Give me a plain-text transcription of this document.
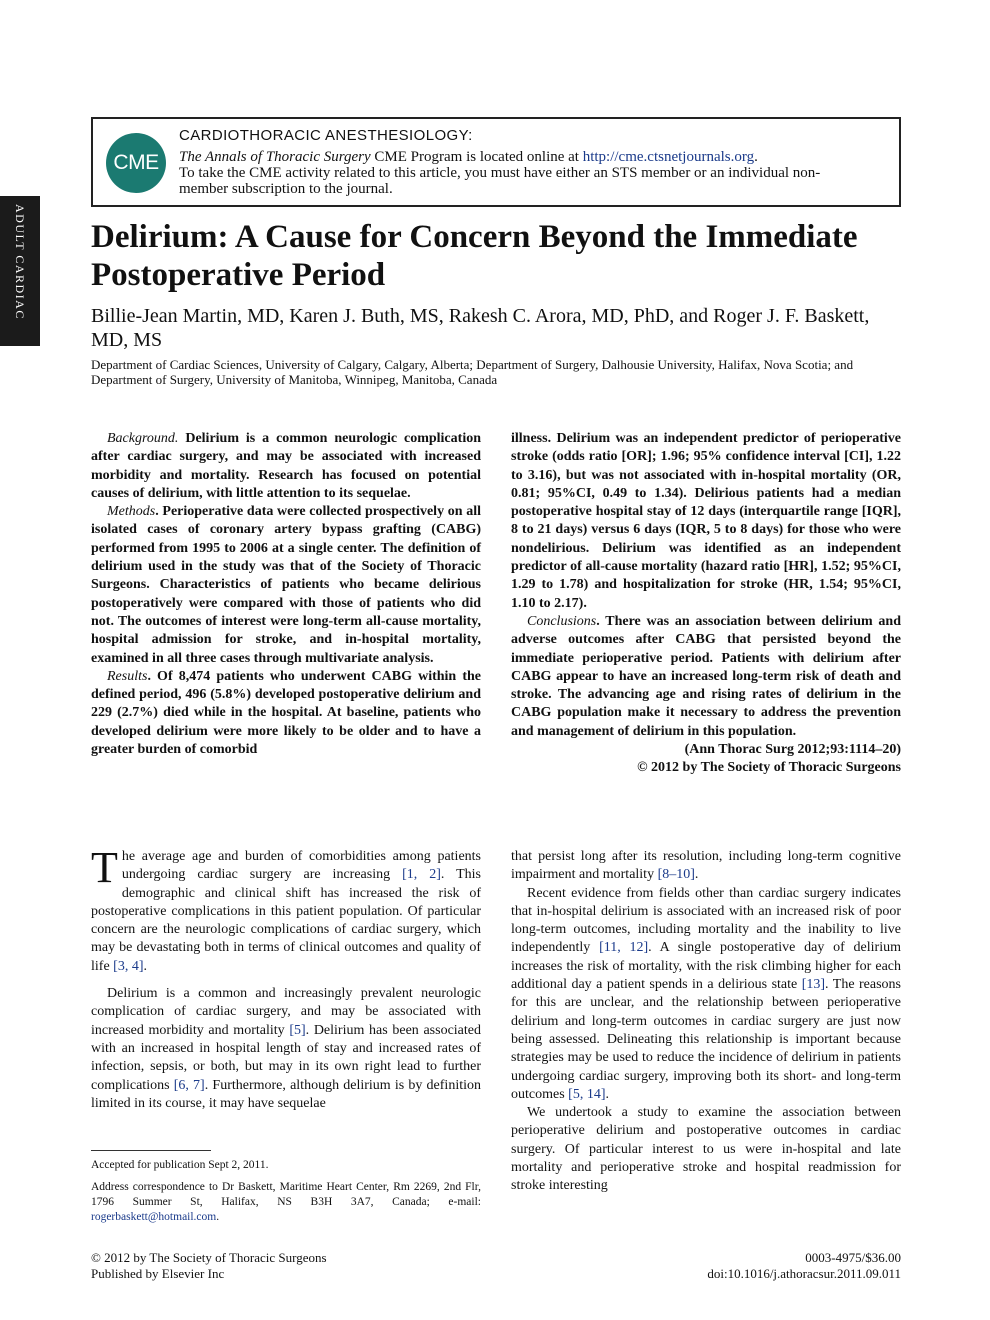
ADULT CARDIAC
CME
CARDIOTHORACIC ANESTHESIOLOGY:
The Annals of Thoracic Surgery CME Program is located online at http://cme.ctsnetjournals.org.
To take the CME activity related to this article, you must have either an STS member or an individual non-member subscription to the journal.
Delirium: A Cause for Concern Beyond the Immediate Postoperative Period
Billie-Jean Martin, MD, Karen J. Buth, MS, Rakesh C. Arora, MD, PhD, and Roger J. F. Baskett, MD, MS
Department of Cardiac Sciences, University of Calgary, Calgary, Alberta; Department of Surgery, Dalhousie University, Halifax, Nova Scotia; and Department of Surgery, University of Manitoba, Winnipeg, Manitoba, Canada

Background. Delirium is a common neurologic complication after cardiac surgery, and may be associated with increased morbidity and mortality. Research has focused on potential causes of delirium, with little attention to its sequelae.

Methods. Perioperative data were collected prospectively on all isolated cases of coronary artery bypass grafting (CABG) performed from 1995 to 2006 at a single center. The definition of delirium used in the study was that of the Society of Thoracic Surgeons. Characteristics of patients who became delirious postoperatively were compared with those of patients who did not. The outcomes of interest were long-term all-cause mortality, hospital admission for stroke, and in-hospital mortality, examined in all three cases through multivariate analysis.

Results. Of 8,474 patients who underwent CABG within the defined period, 496 (5.8%) developed postoperative delirium and 229 (2.7%) died while in the hospital. At baseline, patients who developed delirium were more likely to be older and to have a greater burden of comorbid

illness. Delirium was an independent predictor of perioperative stroke (odds ratio [OR]; 1.96; 95% confidence interval [CI], 1.22 to 3.16), but was not associated with in-hospital mortality (OR, 0.81; 95%CI, 0.49 to 1.34). Delirious patients had a median postoperative hospital stay of 12 days (interquartile range [IQR], 8 to 21 days) versus 6 days (IQR, 5 to 8 days) for those who were nondelirious. Delirium was identified as an independent predictor of all-cause mortality (hazard ratio [HR], 1.52; 95%CI, 1.29 to 1.78) and hospitalization for stroke (HR, 1.54; 95%CI, 1.10 to 2.17).

Conclusions. There was an association between delirium and adverse outcomes after CABG that persisted beyond the immediate perioperative period. Patients with delirium after CABG appear to have an increased long-term risk of death and stroke. The advancing age and rising rates of delirium in the CABG population make it necessary to address the prevention and management of delirium in this population.

(Ann Thorac Surg 2012;93:1114–20)

© 2012 by The Society of Thoracic Surgeons

The average age and burden of comorbidities among patients undergoing cardiac surgery are increasing [1, 2]. This demographic and clinical shift has increased the risk of postoperative complications in this patient population. Of particular concern are the neurologic complications of cardiac surgery, which may be devastating both in terms of clinical outcomes and quality of life [3, 4].

Delirium is a common and increasingly prevalent neurologic complication of cardiac surgery, and may be associated with increased morbidity and mortality [5]. Delirium has been associated with an increased in hospital length of stay and increased rates of infection, sepsis, or both, but may in its own right lead to further complications [6, 7]. Furthermore, although delirium is by definition limited in its course, it may have sequelae

that persist long after its resolution, including long-term cognitive impairment and mortality [8–10].

Recent evidence from fields other than cardiac surgery indicates that in-hospital delirium is associated with an increased risk of poor long-term outcomes, including mortality and the inability to live independently [11, 12]. A single postoperative day of delirium increases the risk of mortality, with the risk climbing higher for each additional day a patient spends in a delirious state [13]. The reasons for this are unclear, and the relationship between perioperative delirium and long-term outcomes in cardiac surgery are just now being assessed. Delineating this relationship is important because strategies may be used to reduce the incidence of delirium in patients undergoing cardiac surgery, improving both its short- and long-term outcomes [5, 14].

We undertook a study to examine the association between perioperative delirium and postoperative outcomes in cardiac surgery. Of particular interest to us were in-hospital and late mortality and perioperative stroke and hospital readmission for stroke interesting

Accepted for publication Sept 2, 2011.

Address correspondence to Dr Baskett, Maritime Heart Center, Rm 2269, 2nd Flr, 1796 Summer St, Halifax, NS B3H 3A7, Canada; e-mail: rogerbaskett@hotmail.com.

© 2012 by The Society of Thoracic Surgeons
Published by Elsevier Inc
0003-4975/$36.00
doi:10.1016/j.athoracsur.2011.09.011
